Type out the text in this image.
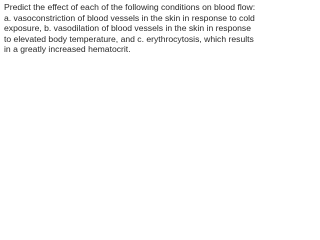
Predict the effect of each of the following conditions on blood flow: a. vasoconstriction of blood vessels in the skin in response to cold exposure, b. vasodilation of blood vessels in the skin in response to elevated body temperature, and c. erythrocytosis, which results in a greatly increased hematocrit.
